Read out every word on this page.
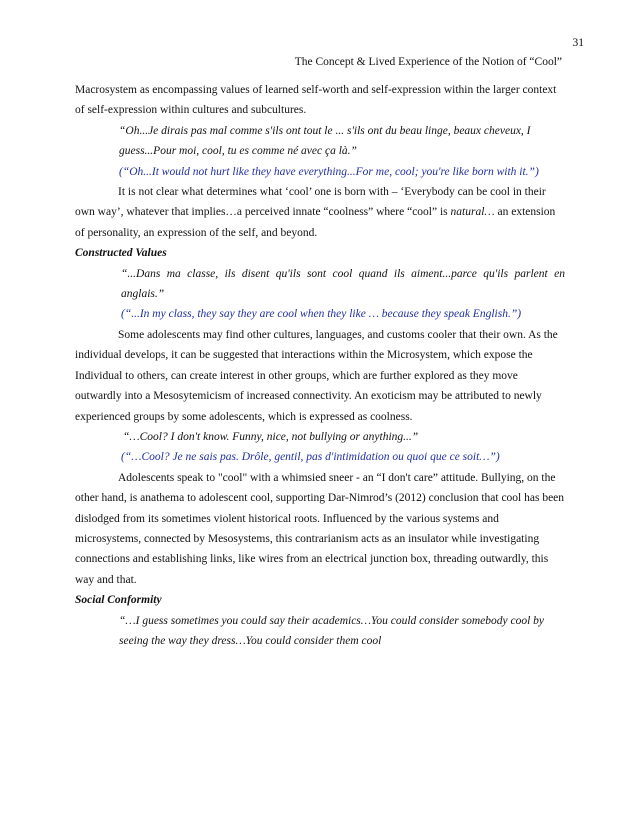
31
The Concept & Lived Experience of the Notion of “Cool”

Macrosystem as encompassing values of learned self-worth and self-expression within the larger context of self-expression within cultures and subcultures.

“Oh...Je dirais pas mal comme s'ils ont tout le ... s'ils ont du beau linge, beaux cheveux, I guess...Pour moi, cool, tu es comme né avec ça là.”

(“Oh...It would not hurt like they have everything...For me, cool; you're like born with it.”)

It is not clear what determines what ‘cool’ one is born with – ‘Everybody can be cool in their own way’, whatever that implies…a perceived innate “coolness” where “cool” is natural… an extension of personality, an expression of the self, and beyond.

Constructed Values

“...Dans ma classe, ils disent qu'ils sont cool quand ils aiment...parce qu'ils parlent en anglais.”

(“...In my class, they say they are cool when they like … because they speak English.”)

Some adolescents may find other cultures, languages, and customs cooler that their own. As the individual develops, it can be suggested that interactions within the Microsystem, which expose the Individual to others, can create interest in other groups, which are further explored as they move outwardly into a Mesosytemicism of increased connectivity. An exoticism may be attributed to newly experienced groups by some adolescents, which is expressed as coolness.

“…Cool? I don't know. Funny, nice, not bullying or anything...”

(“…Cool? Je ne sais pas. Drôle, gentil, pas d'intimidation ou quoi que ce soit…”)

Adolescents speak to "cool" with a whimsied sneer - an “I don't care” attitude. Bullying, on the other hand, is anathema to adolescent cool, supporting Dar-Nimrod’s (2012) conclusion that cool has been dislodged from its sometimes violent historical roots. Influenced by the various systems and microsystems, connected by Mesosystems, this contrarianism acts as an insulator while investigating connections and establishing links, like wires from an electrical junction box, threading outwardly, this way and that.

Social Conformity

“…I guess sometimes you could say their academics…You could consider somebody cool by seeing the way they dress…You could consider them cool
